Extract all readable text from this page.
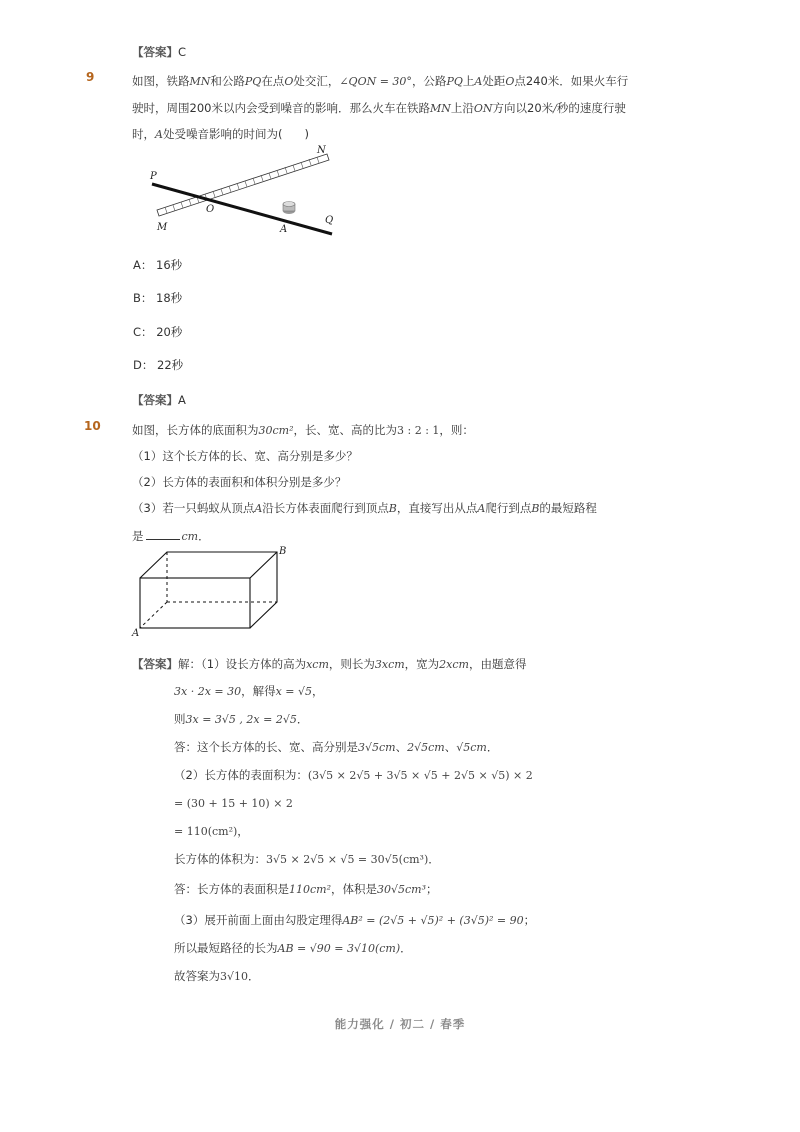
【答案】C
9	如图，铁路MN和公路PQ在点O处交汇，∠QON = 30°，公路PQ上A处距O点240米．如果火车行
驶时，周围200米以内会受到噪音的影响．那么火车在铁路MN上沿ON方向以20米/秒的速度行驶
时，A处受噪音影响的时间为( )
P
N
M
O
A
Q
A： 16秒
B： 18秒
C： 20秒
D： 22秒
【答案】A
10	如图，长方体的底面积为30cm²，长、宽、高的比为3 : 2 : 1，则：
（1）这个长方体的长、宽、高分别是多少？
（2）长方体的表面积和体积分别是多少？
（3）若一只蚂蚁从顶点A沿长方体表面爬行到顶点B，直接写出从点A爬行到点B的最短路程
是	cm．
A
B
【答案】解：（1）设长方体的高为xcm，则长为3xcm，宽为2xcm，由题意得
3x · 2x = 30，解得x = √5，
则3x = 3√5 , 2x = 2√5．
答：这个长方体的长、宽、高分别是3√5cm、2√5cm、√5cm．
（2）长方体的表面积为：(3√5 × 2√5 + 3√5 × √5 + 2√5 × √5) × 2
= (30 + 15 + 10) × 2
= 110(cm²)，
长方体的体积为：3√5 × 2√5 × √5 = 30√5(cm³)．
答：长方体的表面积是110cm²，体积是30√5cm³；
（3）展开前面上面由勾股定理得AB² = (2√5 + √5)² + (3√5)² = 90；
所以最短路径的长为AB = √90 = 3√10(cm)．
故答案为3√10．
能力强化 / 初二 / 春季
